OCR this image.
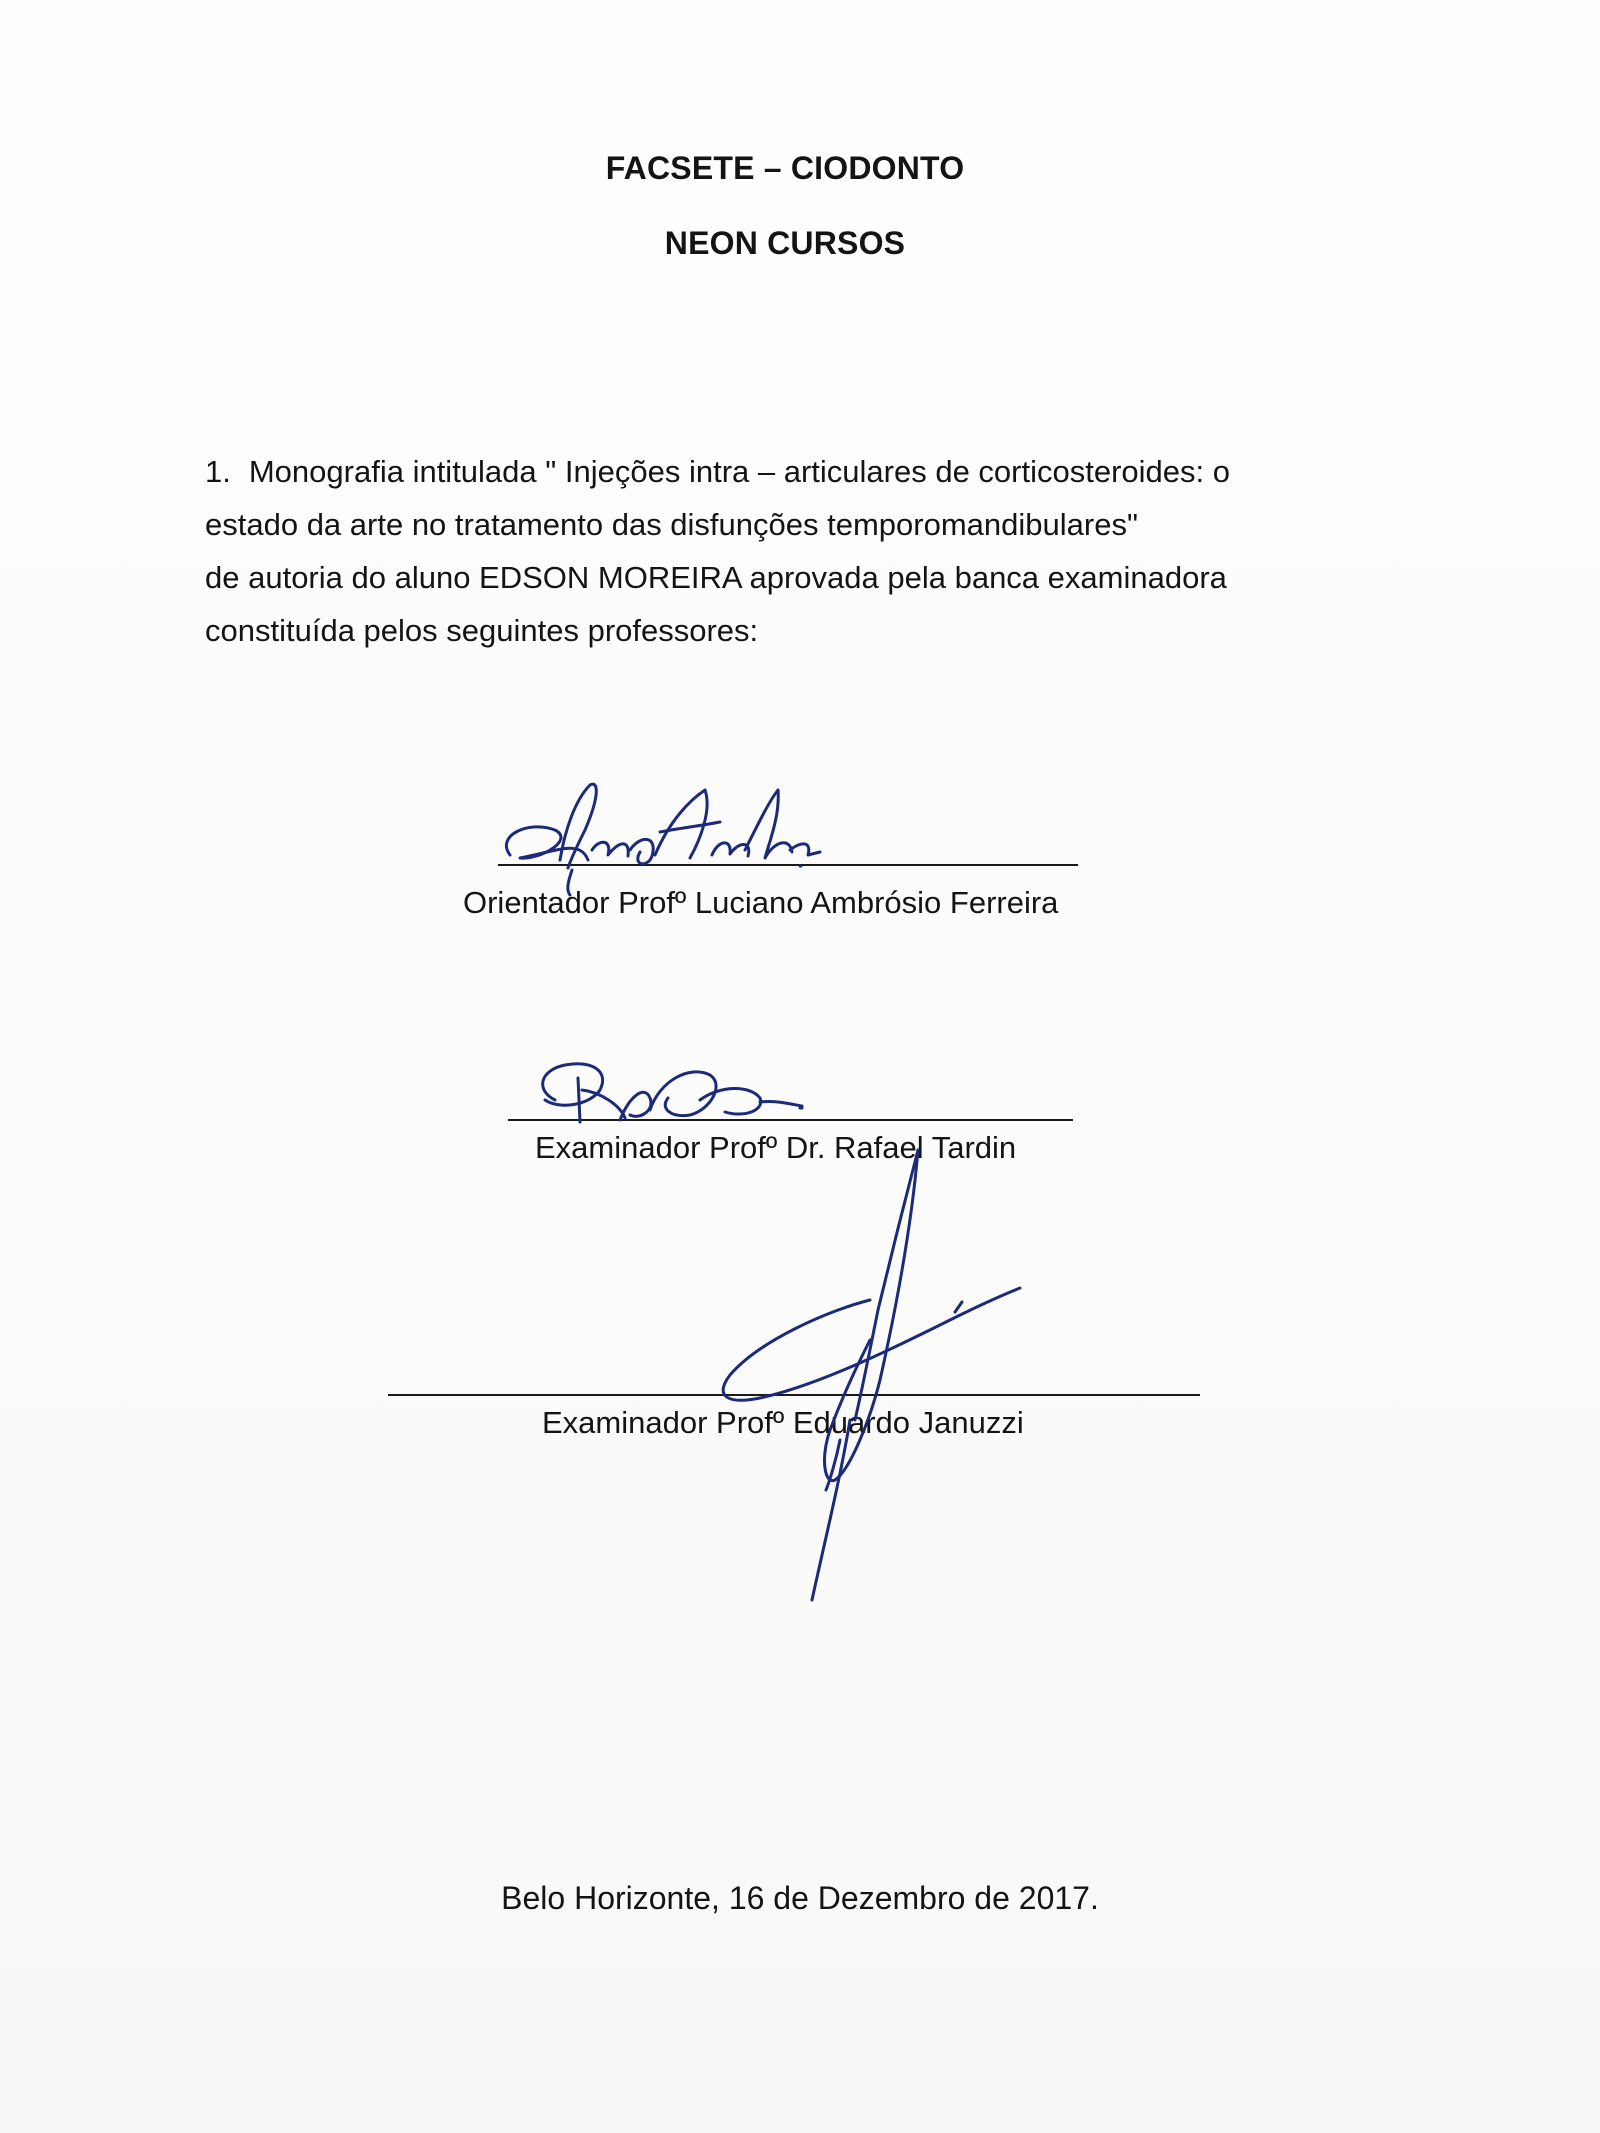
FACSETE – CIODONTO
NEON CURSOS

1. Monografia intitulada " Injeções intra – articulares de corticosteroides: o

estado da arte no tratamento das disfunções temporomandibulares"

de autoria do aluno EDSON MOREIRA aprovada pela banca examinadora

constituída pelos seguintes professores:

Orientador Profº Luciano Ambrósio Ferreira
Examinador Profº Dr. Rafael Tardin
Examinador Profº Eduardo Januzzi
Belo Horizonte, 16 de Dezembro de 2017.
